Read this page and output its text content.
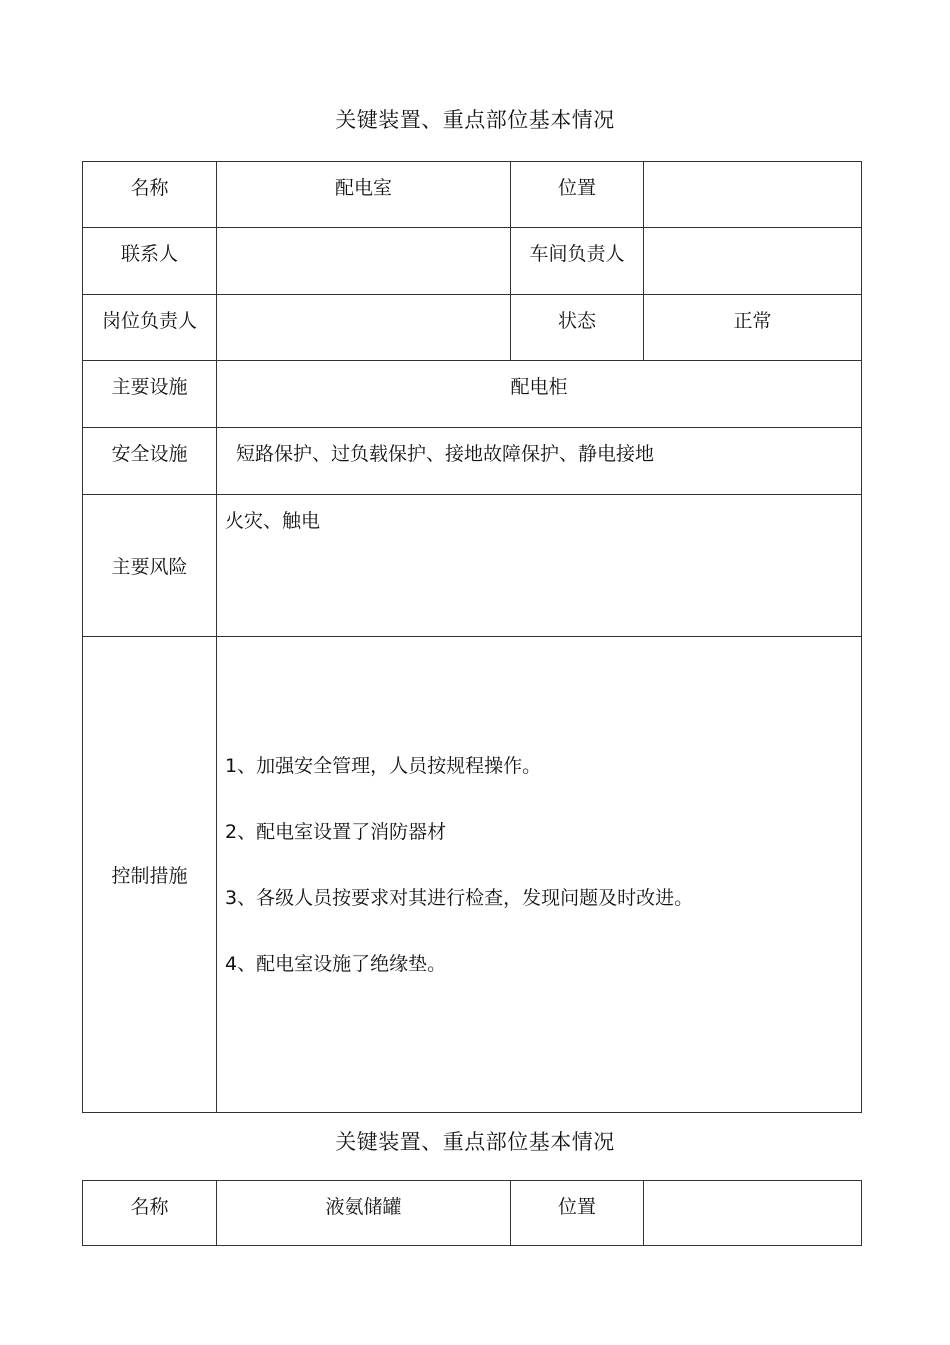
关键装置、重点部位基本情况
名称	配电室	位置	
联系人		车间负责人	
岗位负责人		状态	正常
主要设施	配电柜		
安全设施	短路保护、过负载保护、接地故障保护、静电接地		
主要风险	火灾、触电		
控制措施	1、加强安全管理，人员按规程操作。

2、配电室设置了消防器材

3、各级人员按要求对其进行检查，发现问题及时改进。

4、配电室设施了绝缘垫。		

关键装置、重点部位基本情况
名称	液氨储罐	位置	
